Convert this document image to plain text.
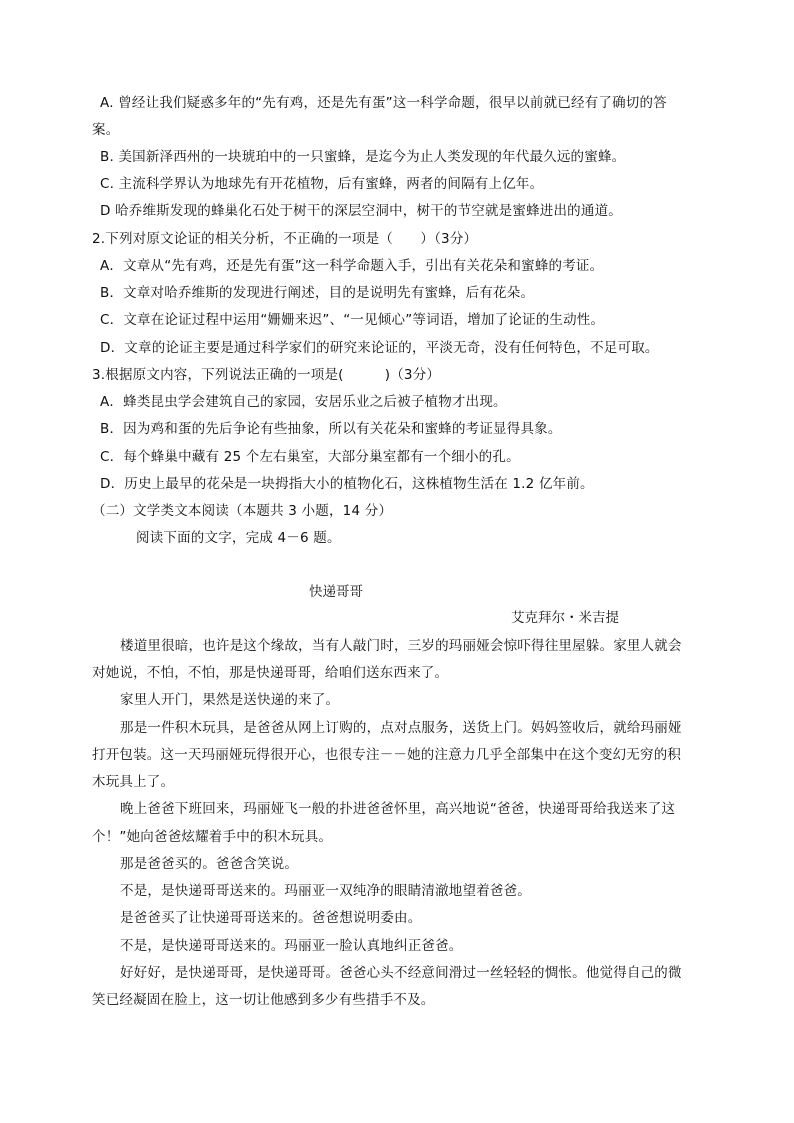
A. 曾经让我们疑惑多年的“先有鸡，还是先有蛋”这一科学命题，很早以前就已经有了确切的答
案。
B. 美国新泽西州的一块琥珀中的一只蜜蜂，是迄今为止人类发现的年代最久远的蜜蜂。
C. 主流科学界认为地球先有开花植物，后有蜜蜂，两者的间隔有上亿年。
D 哈乔维斯发现的蜂巢化石处于树干的深层空洞中，树干的节空就是蜜蜂进出的通道。
2.下列对原文论证的相关分析，不正确的一项是（　　）（3分）
A．文章从“先有鸡，还是先有蛋”这一科学命题入手，引出有关花朵和蜜蜂的考证。
B．文章对哈乔维斯的发现进行阐述，目的是说明先有蜜蜂，后有花朵。
C．文章在论证过程中运用“姗姗来迟”、“一见倾心”等词语，增加了论证的生动性。
D．文章的论证主要是通过科学家们的研究来论证的，平淡无奇，没有任何特色，不足可取。
3.根据原文内容，下列说法正确的一项是(　　　)（3分）
A．蜂类昆虫学会建筑自己的家园，安居乐业之后被子植物才出现。
B．因为鸡和蛋的先后争论有些抽象，所以有关花朵和蜜蜂的考证显得具象。
C．每个蜂巢中藏有 25 个左右巢室，大部分巢室都有一个细小的孔。
D．历史上最早的花朵是一块拇指大小的植物化石，这株植物生活在 1.2 亿年前。
（二）文学类文本阅读（本题共 3 小题，14 分）
阅读下面的文字，完成 4－6 题。
快递哥哥
艾克拜尔・米吉提
楼道里很暗，也许是这个缘故，当有人敲门时，三岁的玛丽娅会惊吓得往里屋躲。家里人就会
对她说，不怕，不怕，那是快递哥哥，给咱们送东西来了。
家里人开门，果然是送快递的来了。
那是一件积木玩具，是爸爸从网上订购的，点对点服务，送货上门。妈妈签收后，就给玛丽娅
打开包装。这一天玛丽娅玩得很开心，也很专注－－她的注意力几乎全部集中在这个变幻无穷的积
木玩具上了。
晚上爸爸下班回来，玛丽娅飞一般的扑进爸爸怀里，高兴地说“爸爸，快递哥哥给我送来了这
个！”她向爸爸炫耀着手中的积木玩具。
那是爸爸买的。爸爸含笑说。
不是，是快递哥哥送来的。玛丽亚一双纯净的眼睛清澈地望着爸爸。
是爸爸买了让快递哥哥送来的。爸爸想说明委由。
不是，是快递哥哥送来的。玛丽亚一脸认真地纠正爸爸。
好好好，是快递哥哥，是快递哥哥。爸爸心头不经意间滑过一丝轻轻的惆怅。他觉得自己的微
笑已经凝固在脸上，这一切让他感到多少有些措手不及。
